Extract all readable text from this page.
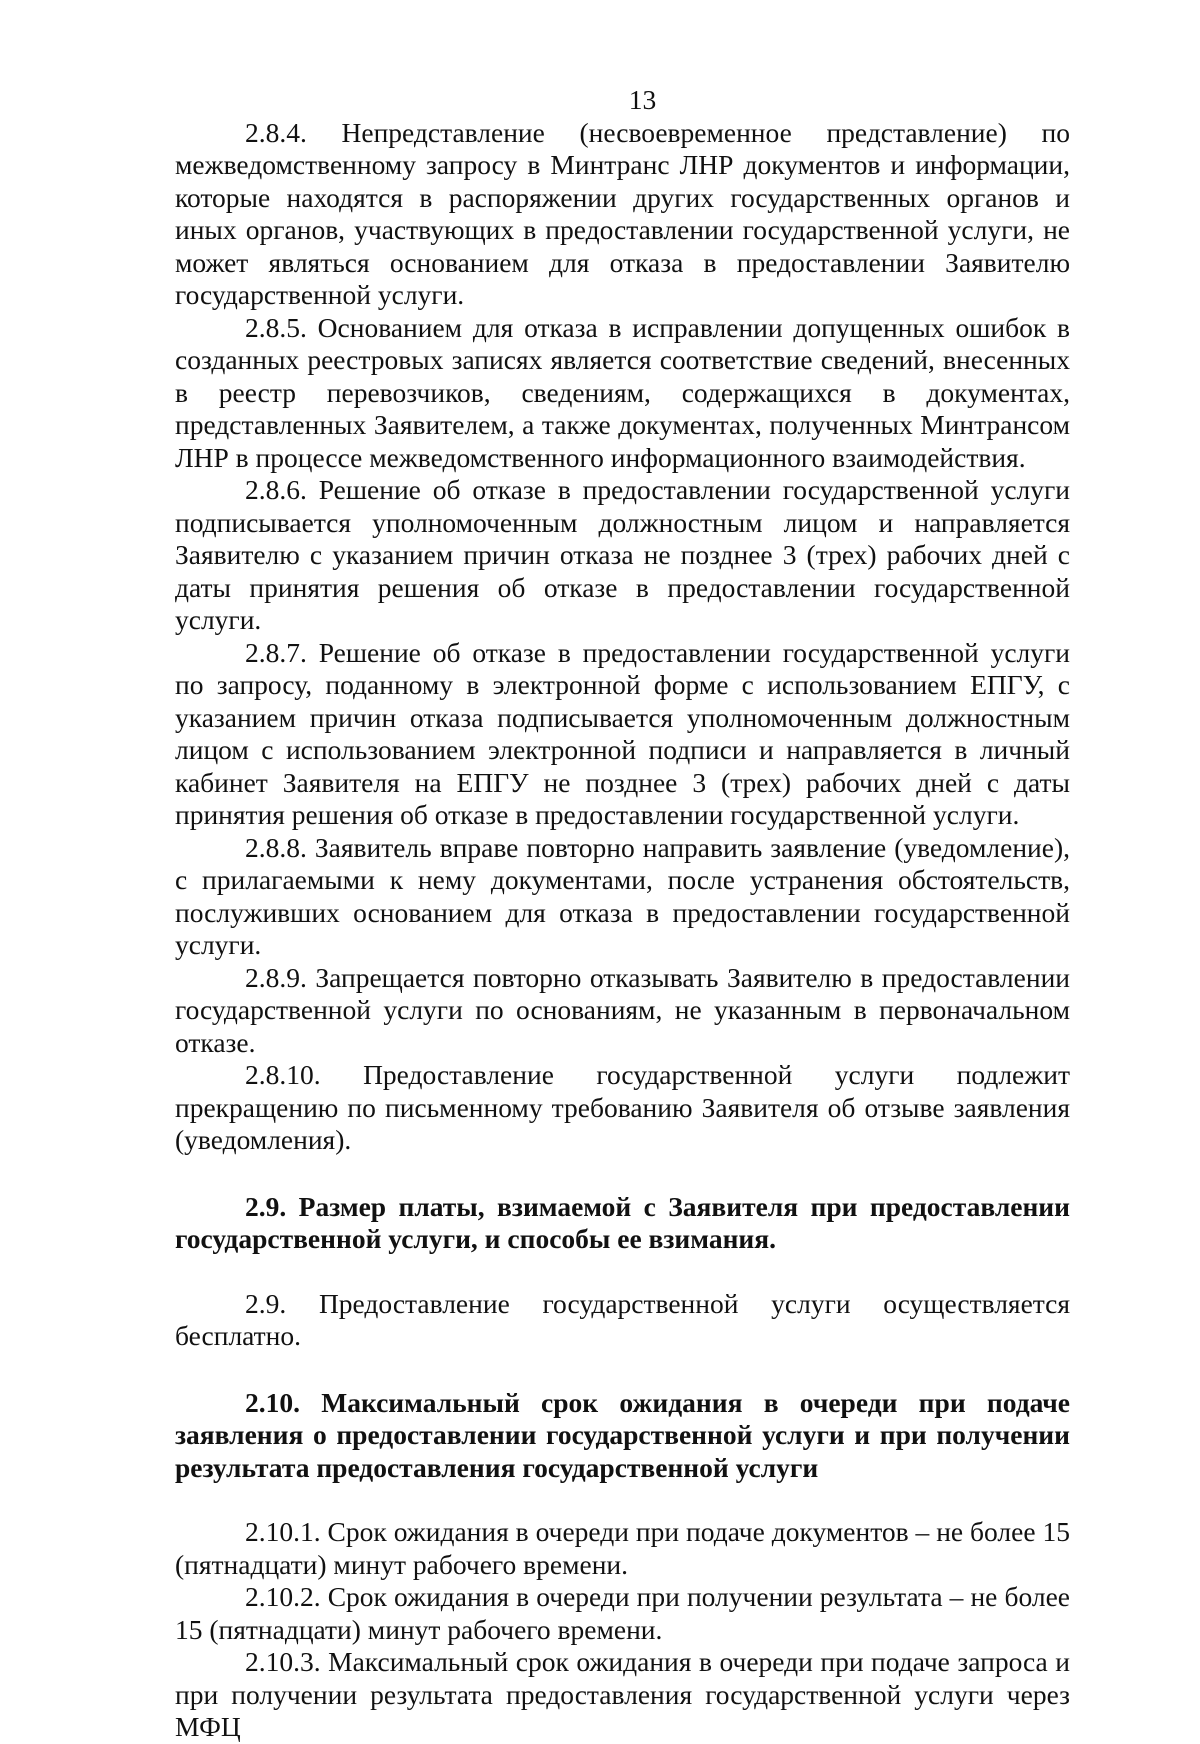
13

2.8.4. Непредставление (несвоевременное представление) по межведомственному запросу в Минтранс ЛНР документов и информации, которые находятся в распоряжении других государственных органов и иных органов, участвующих в предоставлении государственной услуги, не может являться основанием для отказа в предоставлении Заявителю государственной услуги.

2.8.5. Основанием для отказа в исправлении допущенных ошибок в созданных реестровых записях является соответствие сведений, внесенных в реестр перевозчиков, сведениям, содержащихся в документах, представленных Заявителем, а также документах, полученных Минтрансом ЛНР в процессе межведомственного информационного взаимодействия.

2.8.6. Решение об отказе в предоставлении государственной услуги подписывается уполномоченным должностным лицом и направляется Заявителю с указанием причин отказа не позднее 3 (трех) рабочих дней с даты принятия решения об отказе в предоставлении государственной услуги.

2.8.7. Решение об отказе в предоставлении государственной услуги по запросу, поданному в электронной форме с использованием ЕПГУ, с указанием причин отказа подписывается уполномоченным должностным лицом с использованием электронной подписи и направляется в личный кабинет Заявителя на ЕПГУ не позднее 3 (трех) рабочих дней с даты принятия решения об отказе в предоставлении государственной услуги.

2.8.8. Заявитель вправе повторно направить заявление (уведомление), с прилагаемыми к нему документами, после устранения обстоятельств, послуживших основанием для отказа в предоставлении государственной услуги.

2.8.9. Запрещается повторно отказывать Заявителю в предоставлении государственной услуги по основаниям, не указанным в первоначальном отказе.

2.8.10. Предоставление государственной услуги подлежит прекращению по письменному требованию Заявителя об отзыве заявления (уведомления).

2.9. Размер платы, взимаемой с Заявителя при предоставлении государственной услуги, и способы ее взимания.

2.9. Предоставление государственной услуги осуществляется бесплатно.

2.10. Максимальный срок ожидания в очереди при подаче заявления о предоставлении государственной услуги и при получении результата предоставления государственной услуги

2.10.1. Срок ожидания в очереди при подаче документов – не более 15 (пятнадцати) минут рабочего времени.

2.10.2. Срок ожидания в очереди при получении результата – не более 15 (пятнадцати) минут рабочего времени.

2.10.3. Максимальный срок ожидания в очереди при подаче запроса и при получении результата предоставления государственной услуги через МФЦ
